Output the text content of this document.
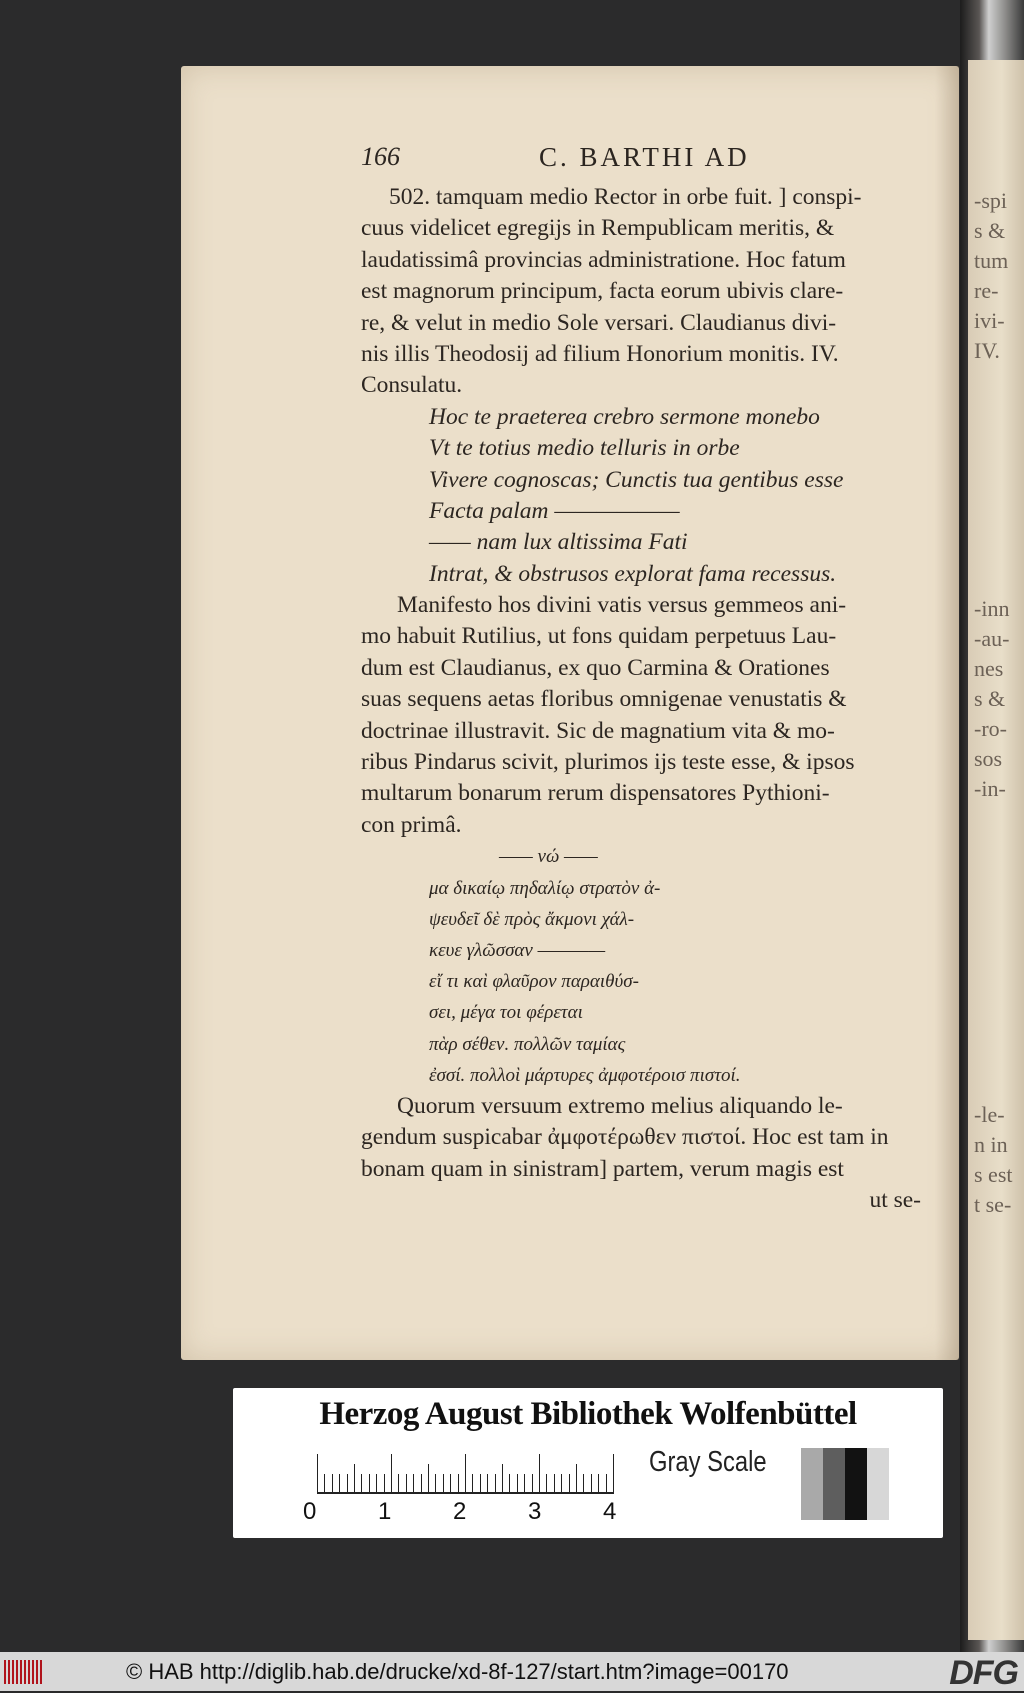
-spi
s &
tum
re-
ivi-
IV.
-inn
-au-
nes
s &
-ro-
sos
-in-
-le-
n in
s est
t se-
166	C. BARTHI AD
502. tamquam medio Rector in orbe fuit. ] conspi-
cuus videlicet egregijs in Rempublicam meritis, &
laudatissimâ provincias administratione. Hoc fatum
est magnorum principum, facta eorum ubivis clare-
re, & velut in medio Sole versari. Claudianus divi-
nis illis Theodosij ad filium Honorium monitis. IV.
Consulatu.
Hoc te praeterea crebro sermone monebo
Vt te totius medio telluris in orbe
Vivere cognoscas; Cunctis tua gentibus esse
Facta palam ——————
—— nam lux altissima Fati
Intrat, & obstrusos explorat fama recessus.
Manifesto hos divini vatis versus gemmeos ani-
mo habuit Rutilius, ut fons quidam perpetuus Lau-
dum est Claudianus, ex quo Carmina & Orationes
suas sequens aetas floribus omnigenae venustatis &
doctrinae illustravit. Sic de magnatium vita & mo-
ribus Pindarus scivit, plurimos ijs teste esse, & ipsos
multarum bonarum rerum dispensatores Pythioni-
con primâ.
—— νώ ——
μα δικαίῳ πηδαλίῳ στρατὸν ἀ-
ψευδεῖ δὲ πρὸς ἄκμονι χάλ-
κευε γλῶσσαν ————
εἴ τι καὶ φλαῦρον παραιθύσ-
σει, μέγα τοι φέρεται
πὰρ σέθεν. πολλῶν ταμίας
ἐσσί. πολλοὶ μάρτυρες ἀμφοτέροισ πιστοί.
Quorum versuum extremo melius aliquando le-
gendum suspicabar ἀμφοτέρωθεν πιστοί. Hoc est tam in
bonam quam in sinistram] partem, verum magis est
ut se-
Herzog August Bibliothek Wolfenbüttel
0	1	2	3	4
Gray Scale
© HAB http://diglib.hab.de/drucke/xd-8f-127/start.htm?image=00170	DFG
